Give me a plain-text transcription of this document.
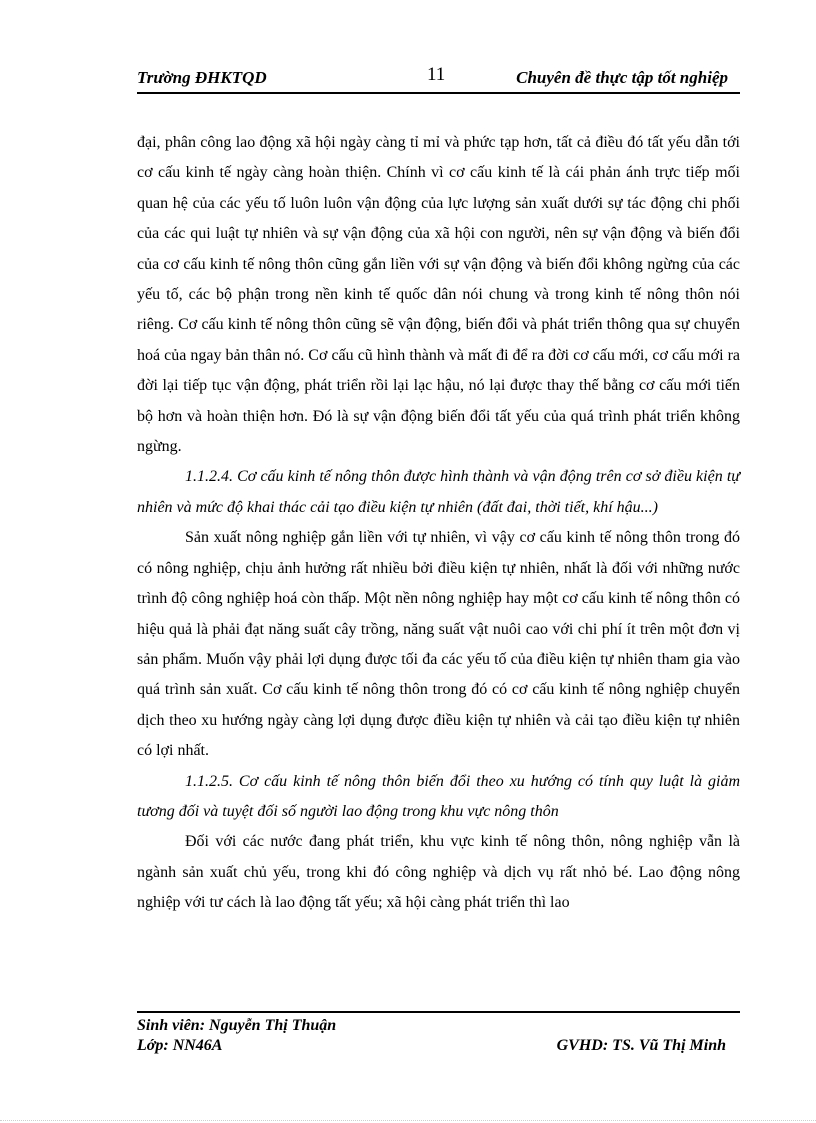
Trường ĐHKTQD	11	Chuyên đề thực tập tốt nghiệp

đại, phân công lao động xã hội ngày càng tỉ mỉ và phức tạp hơn, tất cả điều đó tất yếu dẫn tới cơ cấu kinh tế ngày càng hoàn thiện. Chính vì cơ cấu kinh tế là cái phản ánh trực tiếp mối quan hệ của các yếu tố luôn luôn vận động của lực lượng sản xuất dưới sự tác động chi phối của các qui luật tự nhiên và sự vận động của xã hội con người, nên sự vận động và biến đổi của cơ cấu kinh tế nông thôn cũng gắn liền với sự vận động và biến đổi không ngừng của các yếu tố, các bộ phận trong nền kinh tế quốc dân nói chung và trong kinh tế nông thôn nói riêng. Cơ cấu kinh tế nông thôn cũng sẽ vận động, biến đổi và phát triển thông qua sự chuyển hoá của ngay bản thân nó. Cơ cấu cũ hình thành và mất đi để ra đời cơ cấu mới, cơ cấu mới ra đời lại tiếp tục vận động, phát triển rồi lại lạc hậu, nó lại được thay thế bằng cơ cấu mới tiến bộ hơn và hoàn thiện hơn. Đó là sự vận động biến đổi tất yếu của quá trình phát triển không ngừng.

1.1.2.4. Cơ cấu kinh tế nông thôn được hình thành và vận động trên cơ sở điều kiện tự nhiên và mức độ khai thác cải tạo điều kiện tự nhiên (đất đai, thời tiết, khí hậu...)

Sản xuất nông nghiệp gắn liền với tự nhiên, vì vậy cơ cấu kinh tế nông thôn trong đó có nông nghiệp, chịu ảnh hưởng rất nhiều bởi điều kiện tự nhiên, nhất là đối với những nước trình độ công nghiệp hoá còn thấp. Một nền nông nghiệp hay một cơ cấu kinh tế nông thôn có hiệu quả là phải đạt năng suất cây trồng, năng suất vật nuôi cao với chi phí ít trên một đơn vị sản phẩm. Muốn vậy phải lợi dụng được tối đa các yếu tố của điều kiện tự nhiên tham gia vào quá trình sản xuất. Cơ cấu kinh tế nông thôn trong đó có cơ cấu kinh tế nông nghiệp chuyển dịch theo xu hướng ngày càng lợi dụng được điều kiện tự nhiên và cải tạo điều kiện tự nhiên có lợi nhất.

1.1.2.5. Cơ cấu kinh tế nông thôn biến đổi theo xu hướng có tính quy luật là giảm tương đối và tuyệt đối số người lao động trong khu vực nông thôn

Đối với các nước đang phát triển, khu vực kinh tế nông thôn, nông nghiệp vẫn là ngành sản xuất chủ yếu, trong khi đó công nghiệp và dịch vụ rất nhỏ bé. Lao động nông nghiệp với tư cách là lao động tất yếu; xã hội càng phát triển thì lao

Sinh viên: Nguyễn Thị Thuận
Lớp: NN46A	GVHD: TS. Vũ Thị Minh
